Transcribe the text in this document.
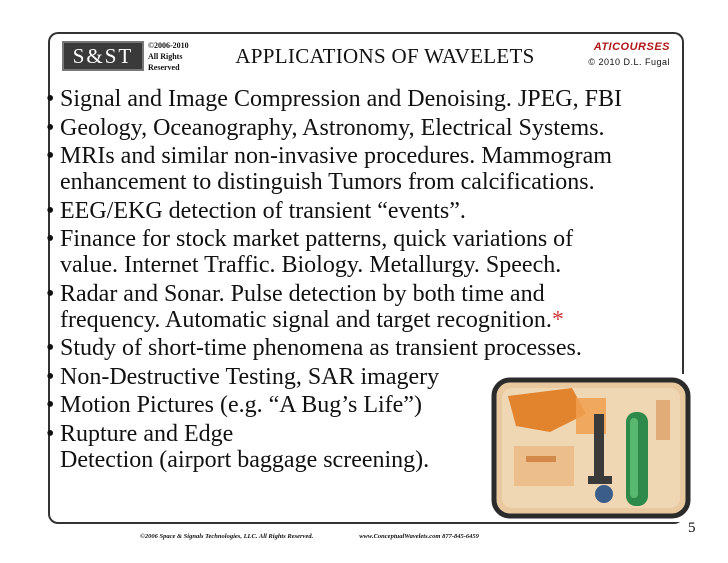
S&ST	©2006-2010
All Rights
Reserved	APPLICATIONS OF WAVELETS	ATICOURSES
© 2010 D.L. Fugal
• Signal and Image Compression and Denoising. JPEG, FBI
• Geology, Oceanography, Astronomy, Electrical Systems.
• MRIs and similar non-invasive procedures. Mammogram
enhancement to distinguish Tumors from calcifications.
• EEG/EKG detection of transient “events”.
• Finance for stock market patterns, quick variations of
value. Internet Traffic. Biology. Metallurgy. Speech.
• Radar and Sonar. Pulse detection by both time and
frequency. Automatic signal and target recognition.*
• Study of short-time phenomena as transient processes.
• Non-Destructive Testing, SAR imagery
• Motion Pictures (e.g. “A Bug’s Life”)
• Rupture and Edge
Detection (airport baggage screening).
5
©2006 Space & Signals Technologies, LLC. All Rights Reserved.	www.ConceptualWavelets.com 877-845-6459
